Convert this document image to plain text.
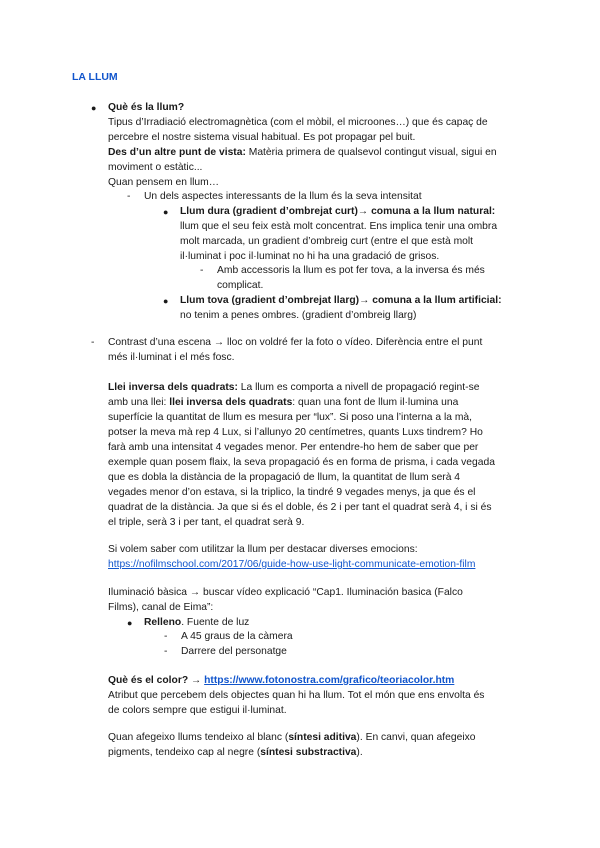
LA LLUM
● Què és la llum?
Tipus d’Irradiació electromagnètica (com el mòbil, el microones…) que és capaç de
percebre el nostre sistema visual habitual. Es pot propagar pel buit.
Des d’un altre punt de vista: Matèria primera de qualsevol contingut visual, sigui en
moviment o estàtic...
Quan pensem en llum…
- Un dels aspectes interessants de la llum és la seva intensitat
● Llum dura (gradient d’ombrejat curt)→ comuna a la llum natural:
llum que el seu feix està molt concentrat. Ens implica tenir una ombra
molt marcada, un gradient d’ombreig curt (entre el que està molt
il·luminat i poc il·luminat no hi ha una gradació de grisos.
- Amb accessoris la llum es pot fer tova, a la inversa és més
complicat.
● Llum tova (gradient d’ombrejat llarg)→ comuna a la llum artificial:
no tenim a penes ombres. (gradient d’ombreig llarg)
- Contrast d’una escena → lloc on voldré fer la foto o vídeo. Diferència entre el punt
més il·luminat i el més fosc.
Llei inversa dels quadrats: La llum es comporta a nivell de propagació regint-se
amb una llei: llei inversa dels quadrats: quan una font de llum il·lumina una
superfície la quantitat de llum es mesura per “lux”. Si poso una l’interna a la mà,
potser la meva mà rep 4 Lux, si l’allunyo 20 centímetres, quants Luxs tindrem? Ho
farà amb una intensitat 4 vegades menor. Per entendre-ho hem de saber que per
exemple quan posem flaix, la seva propagació és en forma de prisma, i cada vegada
que es dobla la distància de la propagació de llum, la quantitat de llum serà 4
vegades menor d’on estava, si la triplico, la tindré 9 vegades menys, ja que és el
quadrat de la distància. Ja que si és el doble, és 2 i per tant el quadrat serà 4, i si és
el triple, serà 3 i per tant, el quadrat serà 9.
Si volem saber com utilitzar la llum per destacar diverses emocions:
https://nofilmschool.com/2017/06/guide-how-use-light-communicate-emotion-film
Iluminació bàsica → buscar vídeo explicació “Cap1. Iluminación basica (Falco
Films), canal de Eima”:
● Relleno. Fuente de luz
- A 45 graus de la càmera
- Darrere del personatge
Què és el color? → https://www.fotonostra.com/grafico/teoriacolor.htm
Atribut que percebem dels objectes quan hi ha llum. Tot el món que ens envolta és
de colors sempre que estigui il·luminat.
Quan afegeixo llums tendeixo al blanc (síntesi aditiva). En canvi, quan afegeixo
pigments, tendeixo cap al negre (síntesi substractiva).
